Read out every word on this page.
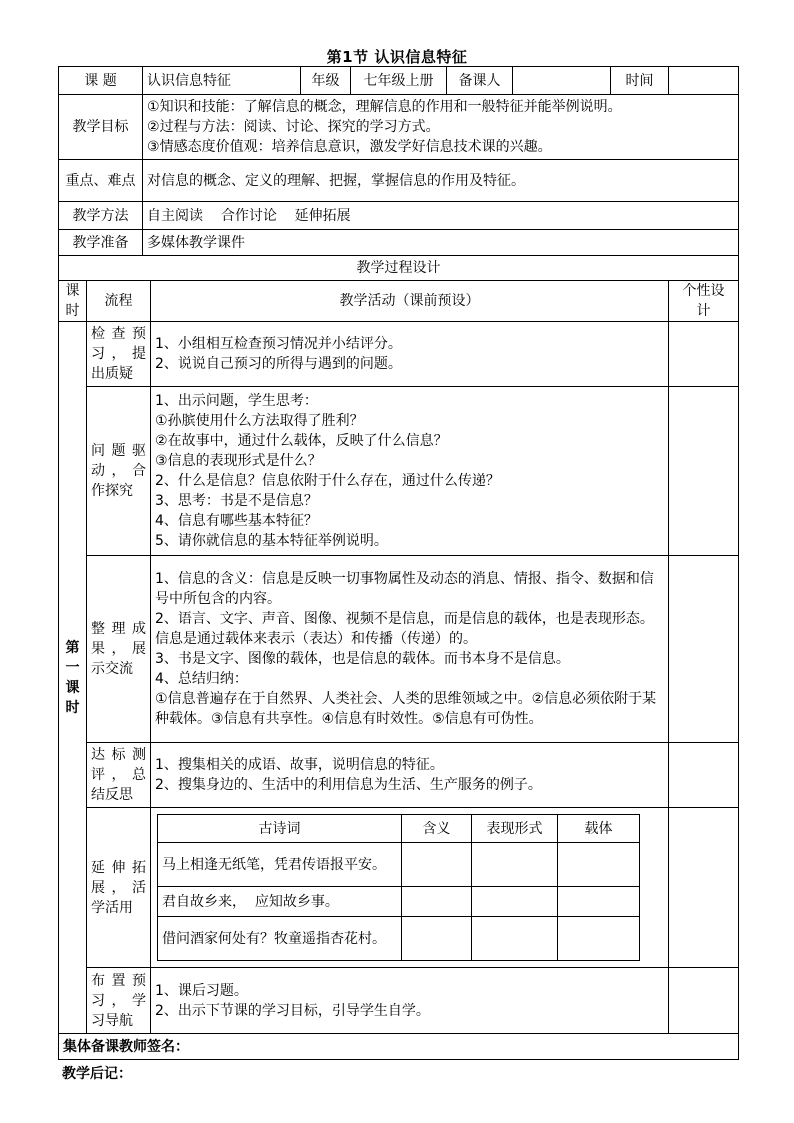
第1节 认识信息特征
课 题	认识信息特征	年级	七年级上册	备课人		时间	
教学目标	
①知识和技能：了解信息的概念，理解信息的作用和一般特征并能举例说明。
②过程与方法：阅读、讨论、探究的学习方式。
③情感态度价值观：培养信息意识，激发学好信息技术课的兴趣。

重点、难点	对信息的概念、定义的理解、把握，掌握信息的作用及特征。
教学方法	自主阅读    合作讨论    延伸拓展
教学准备	多媒体教学课件
教学过程设计
课时	流程	教学活动（课前预设）	个性设计
第一课时	检查预习，提出质疑	
1、小组相互检查预习情况并小结评分。
2、说说自己预习的所得与遇到的问题。

问题驱动，合作探究	
1、出示问题，学生思考：
①孙膑使用什么方法取得了胜利？
②在故事中，通过什么载体，反映了什么信息？
③信息的表现形式是什么？
2、什么是信息？信息依附于什么存在，通过什么传递？
3、思考：书是不是信息？
4、信息有哪些基本特征？
5、请你就信息的基本特征举例说明。

整理成果，展示交流	
1、信息的含义：信息是反映一切事物属性及动态的消息、情报、指令、数据和信号中所包含的内容。
2、语言、文字、声音、图像、视频不是信息，而是信息的载体，也是表现形态。信息是通过载体来表示（表达）和传播（传递）的。
3、书是文字、图像的载体，也是信息的载体。而书本身不是信息。
4、总结归纳：
①信息普遍存在于自然界、人类社会、人类的思维领域之中。②信息必须依附于某种载体。③信息有共享性。④信息有时效性。⑤信息有可伪性。

达标测评，总结反思	
1、搜集相关的成语、故事，说明信息的特征。
2、搜集身边的、生活中的利用信息为生活、生产服务的例子。

延伸拓展，活学活用	
古诗词	含义	表现形式	载体
马上相逢无纸笔，凭君传语报平安。			
君自故乡来，  应知故乡事。			
借问酒家何处有？牧童遥指杏花村。			

布置预习，学习导航	
1、课后习题。
2、出示下节课的学习目标，引导学生自学。

集体备课教师签名：
教学后记：
